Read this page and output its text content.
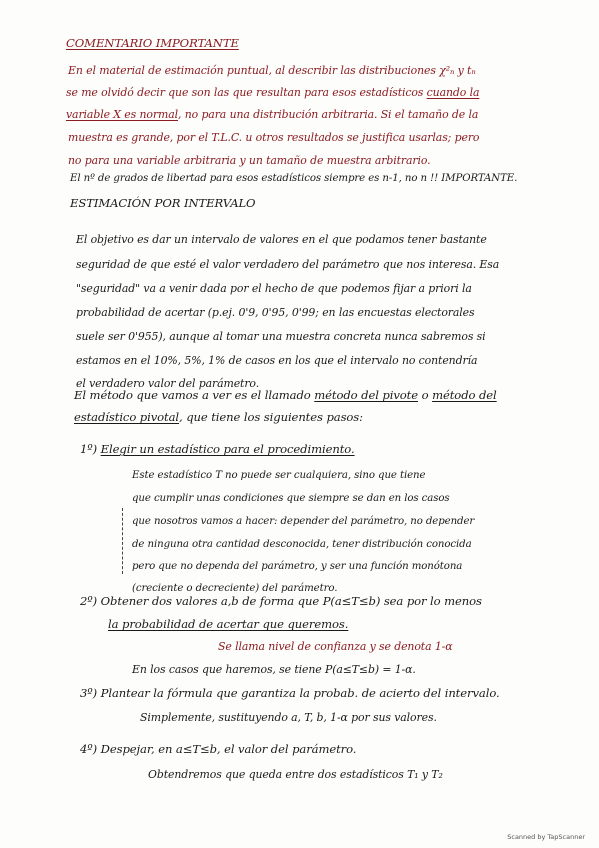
COMENTARIO IMPORTANTE
En el material de estimación puntual, al describir las distribuciones χ²ₙ y tₙ
se me olvidó decir que son las que resultan para esos estadísticos cuando la
variable X es normal, no para una distribución arbitraria. Si el tamaño de la
muestra es grande, por el T.L.C. u otros resultados se justifica usarlas; pero
no para una variable arbitraria y un tamaño de muestra arbitrario.
El nº de grados de libertad para esos estadísticos siempre es n-1, no n !! IMPORTANTE.
ESTIMACIÓN POR INTERVALO
El objetivo es dar un intervalo de valores en el que podamos tener bastante
seguridad de que esté el valor verdadero del parámetro que nos interesa. Esa
"seguridad" va a venir dada por el hecho de que podemos fijar a priori la
probabilidad de acertar (p.ej. 0'9, 0'95, 0'99; en las encuestas electorales
suele ser 0'955), aunque al tomar una muestra concreta nunca sabremos si
estamos en el 10%, 5%, 1% de casos en los que el intervalo no contendría
el verdadero valor del parámetro.
El método que vamos a ver es el llamado método del pivote o método del
estadístico pivotal, que tiene los siguientes pasos:
1º) Elegir un estadístico para el procedimiento.
Este estadístico T no puede ser cualquiera, sino que tiene
que cumplir unas condiciones que siempre se dan en los casos
que nosotros vamos a hacer: depender del parámetro, no depender
de ninguna otra cantidad desconocida, tener distribución conocida
pero que no dependa del parámetro, y ser una función monótona
(creciente o decreciente) del parámetro.
2º) Obtener dos valores a,b de forma que P(a≤T≤b) sea por lo menos
la probabilidad de acertar que queremos.
Se llama nivel de confianza y se denota 1-α
En los casos que haremos, se tiene P(a≤T≤b) = 1-α.
3º) Plantear la fórmula que garantiza la probab. de acierto del intervalo.
Simplemente, sustituyendo a, T, b, 1-α por sus valores.
4º) Despejar, en a≤T≤b, el valor del parámetro.
Obtendremos que queda entre dos estadísticos T₁ y T₂
Scanned by TapScanner
